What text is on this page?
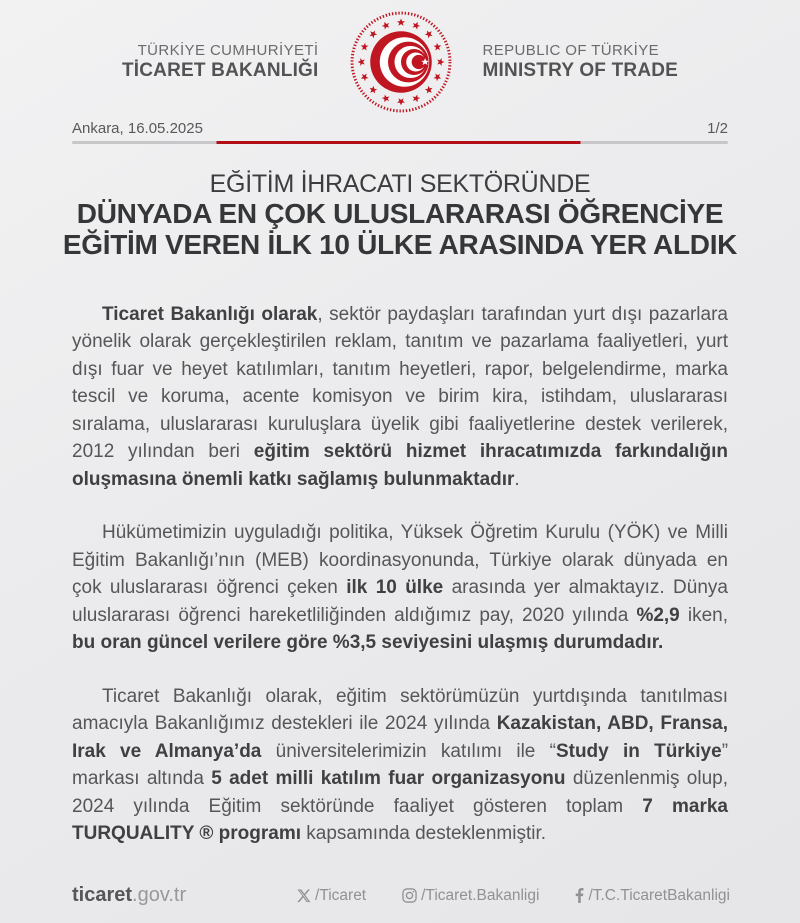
TÜRKİYE CUMHURİYETİ
TİCARET BAKANLIĞI
REPUBLIC OF TÜRKİYE
MINISTRY OF TRADE
Ankara, 16.05.2025	1/2
EĞİTİM İHRACATI SEKTÖRÜNDE
DÜNYADA EN ÇOK ULUSLARARASI ÖĞRENCİYE
EĞİTİM VEREN İLK 10 ÜLKE ARASINDA YER ALDIK

Ticaret Bakanlığı olarak, sektör paydaşları tarafından yurt dışı pazarlara yönelik olarak gerçekleştirilen reklam, tanıtım ve pazarlama faaliyetleri, yurt dışı fuar ve heyet katılımları, tanıtım heyetleri, rapor, belgelendirme, marka tescil ve koruma, acente komisyon ve birim kira, istihdam, uluslararası sıralama, uluslararası kuruluşlara üyelik gibi faaliyetlerine destek verilerek, 2012 yılından beri eğitim sektörü hizmet ihracatımızda farkındalığın oluşmasına önemli katkı sağlamış bulunmaktadır.

Hükümetimizin uyguladığı politika, Yüksek Öğretim Kurulu (YÖK) ve Milli Eğitim Bakanlığı’nın (MEB) koordinasyonunda, Türkiye olarak dünyada en çok uluslararası öğrenci çeken ilk 10 ülke arasında yer almaktayız. Dünya uluslararası öğrenci hareketliliğinden aldığımız pay, 2020 yılında %2,9 iken, bu oran güncel verilere göre %3,5 seviyesini ulaşmış durumdadır.

Ticaret Bakanlığı olarak, eğitim sektörümüzün yurtdışında tanıtılması amacıyla Bakanlığımız destekleri ile 2024 yılında Kazakistan, ABD, Fransa, Irak ve Almanya’da üniversitelerimizin katılımı ile “Study in Türkiye” markası altında 5 adet milli katılım fuar organizasyonu düzenlenmiş olup, 2024 yılında Eğitim sektöründe faaliyet gösteren toplam 7 marka TURQUALITY ® programı kapsamında desteklenmiştir.

ticaret.gov.tr	/Ticaret	/Ticaret.Bakanligi	/T.C.TicaretBakanligi
